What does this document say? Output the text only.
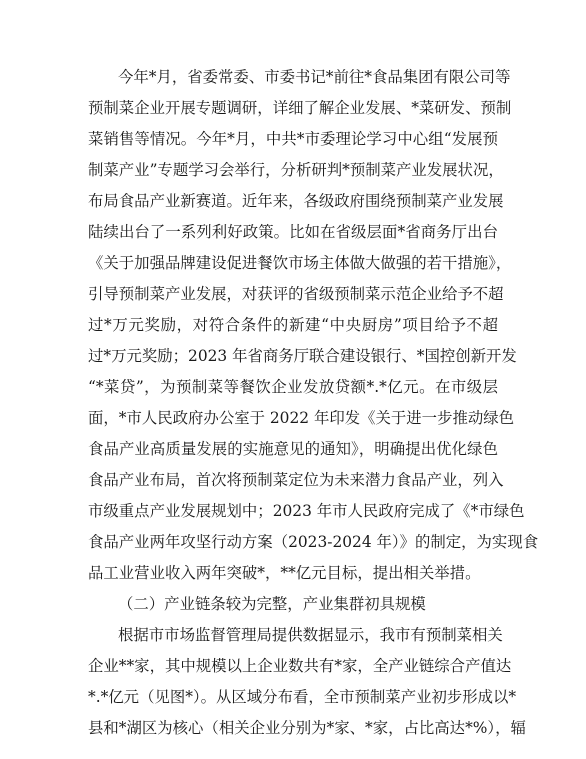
今年*月，省委常委、市委书记*前往*食品集团有限公司等
预制菜企业开展专题调研，详细了解企业发展、*菜研发、预制
菜销售等情况。今年*月，中共*市委理论学习中心组“发展预
制菜产业”专题学习会举行，分析研判*预制菜产业发展状况，
布局食品产业新赛道。近年来，各级政府围绕预制菜产业发展
陆续出台了一系列利好政策。比如在省级层面*省商务厅出台
《关于加强品牌建设促进餐饮市场主体做大做强的若干措施》，
引导预制菜产业发展，对获评的省级预制菜示范企业给予不超
过*万元奖励，对符合条件的新建“中央厨房”项目给予不超
过*万元奖励；2023 年省商务厅联合建设银行、*国控创新开发
“*菜贷”，为预制菜等餐饮企业发放贷额*.*亿元。在市级层
面，*市人民政府办公室于 2022 年印发《关于进一步推动绿色
食品产业高质量发展的实施意见的通知》，明确提出优化绿色
食品产业布局，首次将预制菜定位为未来潜力食品产业，列入
市级重点产业发展规划中；2023 年市人民政府完成了《*市绿色
食品产业两年攻坚行动方案（2023-2024 年）》的制定，为实现食
品工业营业收入两年突破*，**亿元目标，提出相关举措。
（二）产业链条较为完整，产业集群初具规模
根据市市场监督管理局提供数据显示，我市有预制菜相关
企业**家，其中规模以上企业数共有*家，全产业链综合产值达
*.*亿元（见图*）。从区域分布看，全市预制菜产业初步形成以*
县和*湖区为核心（相关企业分别为*家、*家，占比高达*%），辐
